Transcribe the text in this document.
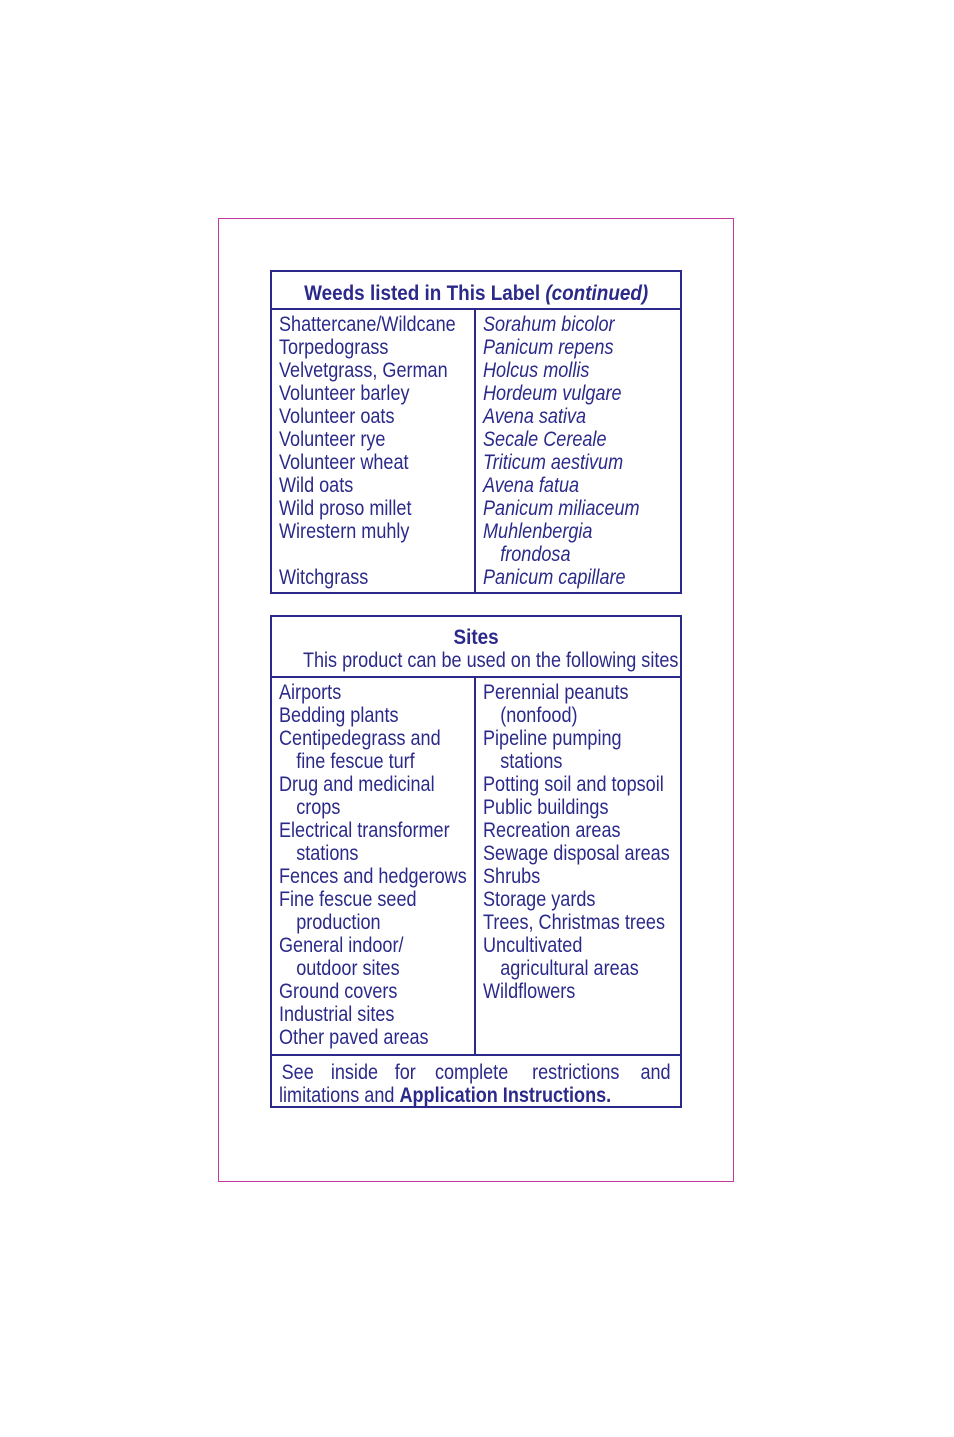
Weeds listed in This Label (continued)
Shattercane/Wildcane
Torpedograss
Velvetgrass, German
Volunteer barley
Volunteer oats
Volunteer rye
Volunteer wheat
Wild oats
Wild proso millet
Wirestern muhly
Witchgrass
Sorahum bicolor
Panicum repens
Holcus mollis
Hordeum vulgare
Avena sativa
Secale Cereale
Triticum aestivum
Avena fatua
Panicum miliaceum
Muhlenbergia
frondosa
Panicum capillare
Sites
This product can be used on the following sites:
Airports
Bedding plants
Centipedegrass and
fine fescue turf
Drug and medicinal
crops
Electrical transformer
stations
Fences and hedgerows
Fine fescue seed
production
General indoor/
outdoor sites
Ground covers
Industrial sites
Other paved areas
Perennial peanuts
(nonfood)
Pipeline pumping
stations
Potting soil and topsoil
Public buildings
Recreation areas
Sewage disposal areas
Shrubs
Storage yards
Trees, Christmas trees
Uncultivated
agricultural areas
Wildflowers
See inside for complete restrictions and
limitations and Application Instructions.
